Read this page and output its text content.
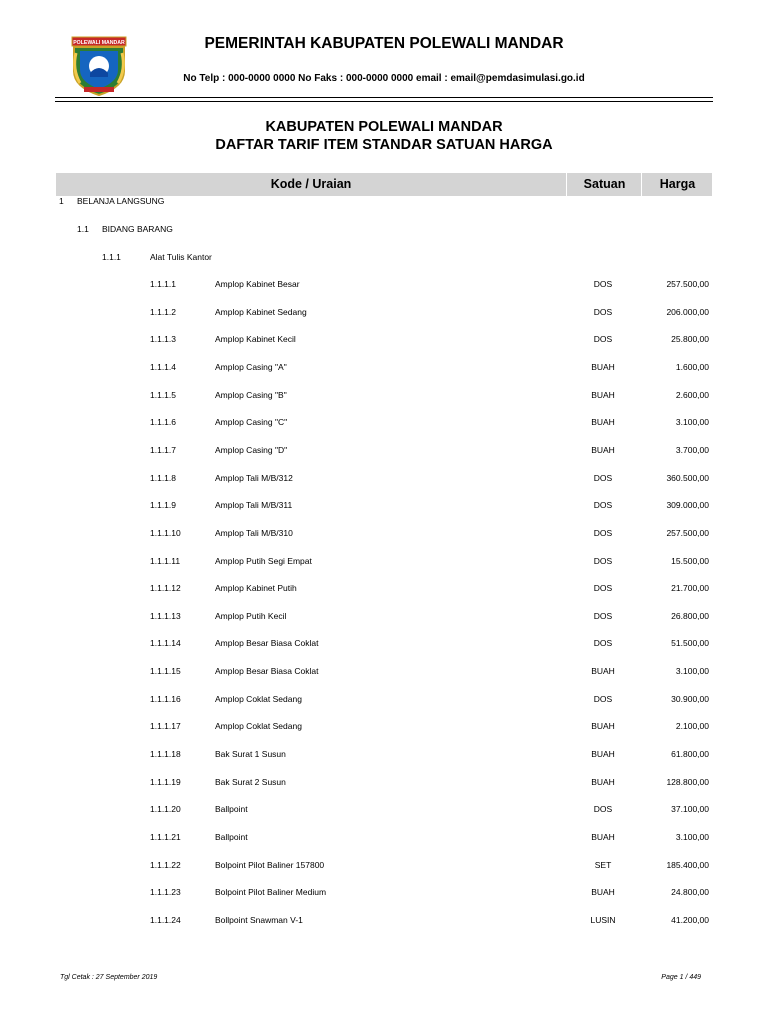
POLEWALI MANDAR	PEMERINTAH KABUPATEN POLEWALI MANDAR
No Telp : 000-0000 0000 No Faks : 000-0000 0000 email : email@pemdasimulasi.go.id
KABUPATEN POLEWALI MANDAR
DAFTAR TARIF ITEM STANDAR SATUAN HARGA
Kode / Uraian	Satuan	Harga
1 BELANJA LANGSUNG
1.1 BIDANG BARANG
1.1.1	Alat Tulis Kantor
1.1.1.1	Amplop Kabinet Besar	DOS	257.500,00
1.1.1.2	Amplop Kabinet Sedang	DOS	206.000,00
1.1.1.3	Amplop Kabinet Kecil	DOS	25.800,00
1.1.1.4	Amplop Casing "A"	BUAH	1.600,00
1.1.1.5	Amplop Casing "B"	BUAH	2.600,00
1.1.1.6	Amplop Casing "C"	BUAH	3.100,00
1.1.1.7	Amplop Casing "D"	BUAH	3.700,00
1.1.1.8	Amplop Tali M/B/312	DOS	360.500,00
1.1.1.9	Amplop Tali M/B/311	DOS	309.000,00
1.1.1.10	Amplop Tali M/B/310	DOS	257.500,00
1.1.1.11	Amplop Putih Segi Empat	DOS	15.500,00
1.1.1.12	Amplop Kabinet Putih	DOS	21.700,00
1.1.1.13	Amplop Putih Kecil	DOS	26.800,00
1.1.1.14	Amplop Besar Biasa Coklat	DOS	51.500,00
1.1.1.15	Amplop Besar Biasa Coklat	BUAH	3.100,00
1.1.1.16	Amplop Coklat Sedang	DOS	30.900,00
1.1.1.17	Amplop Coklat Sedang	BUAH	2.100,00
1.1.1.18	Bak Surat 1 Susun	BUAH	61.800,00
1.1.1.19	Bak Surat 2 Susun	BUAH	128.800,00
1.1.1.20	Ballpoint	DOS	37.100,00
1.1.1.21	Ballpoint	BUAH	3.100,00
1.1.1.22	Bolpoint Pilot Baliner 157800	SET	185.400,00
1.1.1.23	Bolpoint Pilot Baliner Medium	BUAH	24.800,00
1.1.1.24	Bollpoint Snawman V-1	LUSIN	41.200,00
Tgl Cetak : 27 September 2019	Page 1 / 449
